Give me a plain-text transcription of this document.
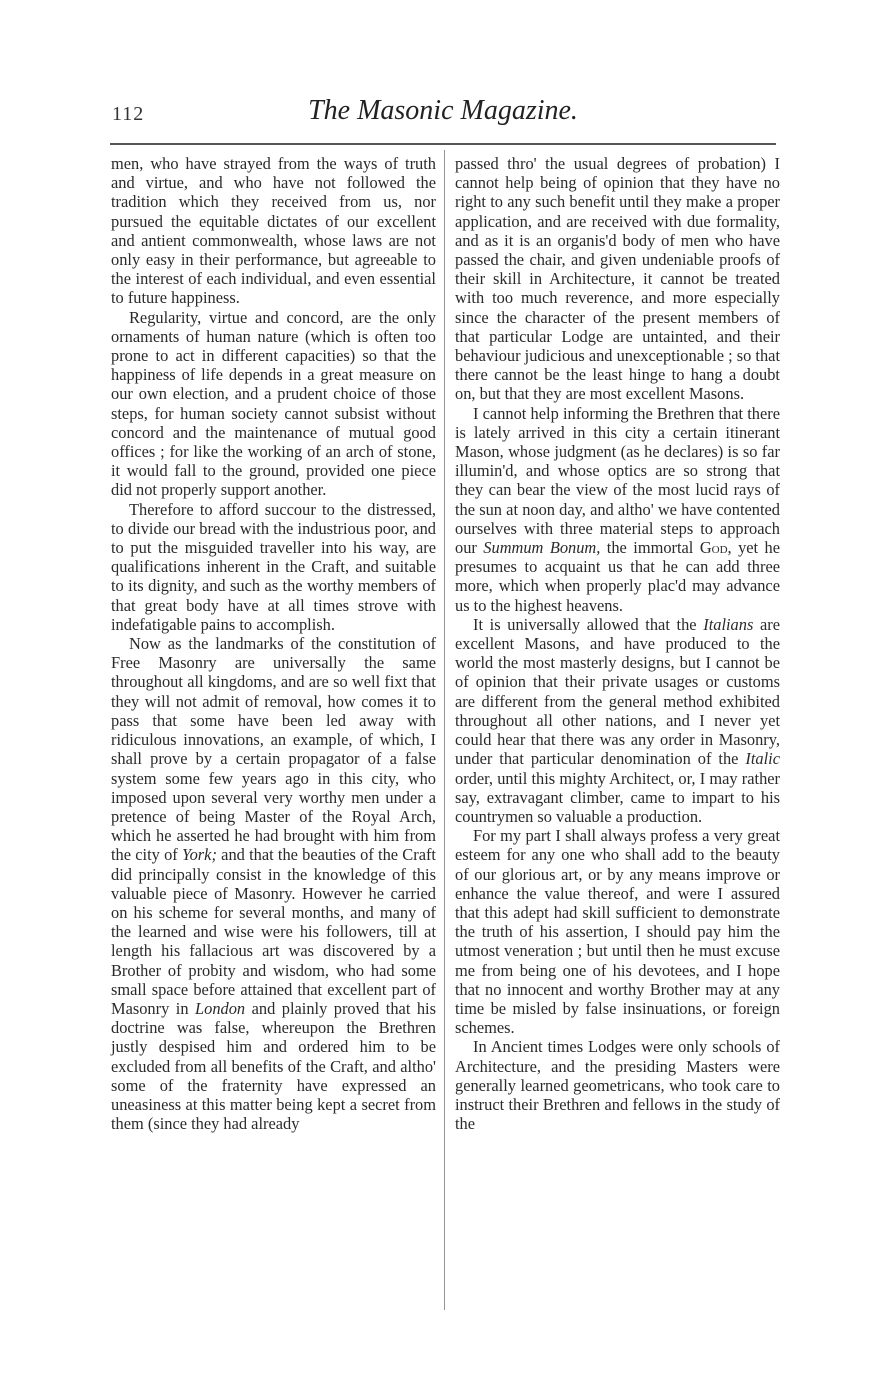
112	The Masonic Magazine.

men, who have strayed from the ways of truth and virtue, and who have not followed the tradition which they received from us, nor pursued the equitable dictates of our excellent and antient commonwealth, whose laws are not only easy in their performance, but agreeable to the interest of each individual, and even essential to future happiness.

Regularity, virtue and concord, are the only ornaments of human nature (which is often too prone to act in different capacities) so that the happiness of life depends in a great measure on our own election, and a prudent choice of those steps, for human society cannot subsist without concord and the maintenance of mutual good offices ; for like the working of an arch of stone, it would fall to the ground, provided one piece did not properly support another.

Therefore to afford succour to the distressed, to divide our bread with the industrious poor, and to put the misguided traveller into his way, are qualifications inherent in the Craft, and suitable to its dignity, and such as the worthy members of that great body have at all times strove with indefatigable pains to accomplish.

Now as the landmarks of the constitution of Free Masonry are universally the same throughout all kingdoms, and are so well fixt that they will not admit of removal, how comes it to pass that some have been led away with ridiculous innovations, an example, of which, I shall prove by a certain propagator of a false system some few years ago in this city, who imposed upon several very worthy men under a pretence of being Master of the Royal Arch, which he asserted he had brought with him from the city of York; and that the beauties of the Craft did principally consist in the knowledge of this valuable piece of Masonry. However he carried on his scheme for several months, and many of the learned and wise were his followers, till at length his fallacious art was discovered by a Brother of probity and wisdom, who had some small space before attained that excellent part of Masonry in London and plainly proved that his doctrine was false, whereupon the Brethren justly despised him and ordered him to be excluded from all benefits of the Craft, and altho' some of the fraternity have expressed an uneasiness at this matter being kept a secret from them (since they had already

passed thro' the usual degrees of probation) I cannot help being of opinion that they have no right to any such benefit until they make a proper application, and are received with due formality, and as it is an organis'd body of men who have passed the chair, and given undeniable proofs of their skill in Architecture, it cannot be treated with too much reverence, and more especially since the character of the present members of that particular Lodge are untainted, and their behaviour judicious and unexceptionable ; so that there cannot be the least hinge to hang a doubt on, but that they are most excellent Masons.

I cannot help informing the Brethren that there is lately arrived in this city a certain itinerant Mason, whose judgment (as he declares) is so far illumin'd, and whose optics are so strong that they can bear the view of the most lucid rays of the sun at noon day, and altho' we have contented ourselves with three material steps to approach our Summum Bonum, the immortal God, yet he presumes to acquaint us that he can add three more, which when properly plac'd may advance us to the highest heavens.

It is universally allowed that the Italians are excellent Masons, and have produced to the world the most masterly designs, but I cannot be of opinion that their private usages or customs are different from the general method exhibited throughout all other nations, and I never yet could hear that there was any order in Masonry, under that particular denomination of the Italic order, until this mighty Architect, or, I may rather say, extravagant climber, came to impart to his countrymen so valuable a production.

For my part I shall always profess a very great esteem for any one who shall add to the beauty of our glorious art, or by any means improve or enhance the value thereof, and were I assured that this adept had skill sufficient to demonstrate the truth of his assertion, I should pay him the utmost veneration ; but until then he must excuse me from being one of his devotees, and I hope that no innocent and worthy Brother may at any time be misled by false insinuations, or foreign schemes.

In Ancient times Lodges were only schools of Architecture, and the presiding Masters were generally learned geometricans, who took care to instruct their Brethren and fellows in the study of the
